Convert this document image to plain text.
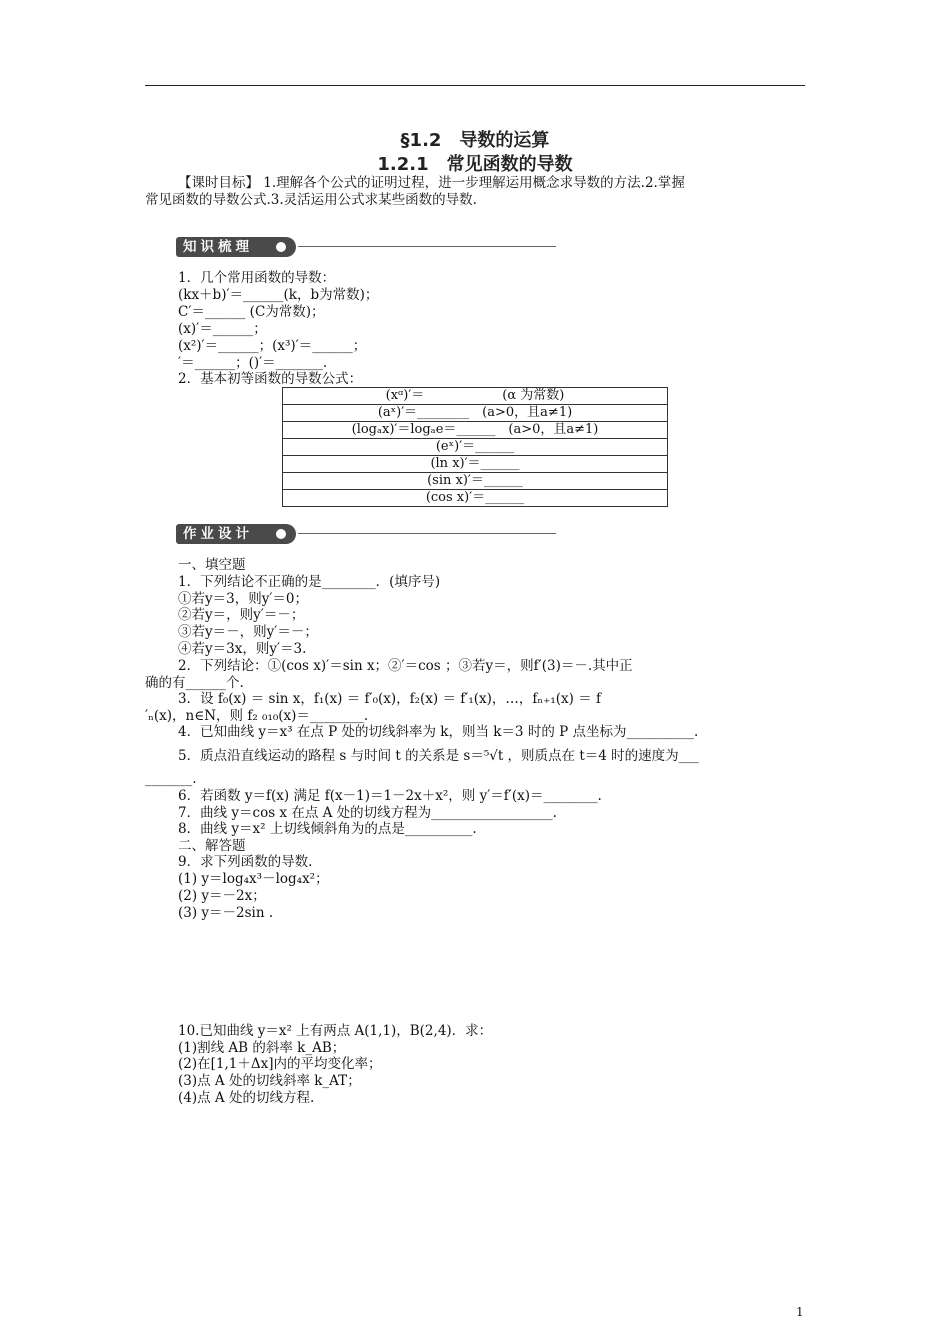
§1.2　导数的运算
1.2.1　常见函数的导数
【课时目标】 1.理解各个公式的证明过程，进一步理解运用概念求导数的方法.2.掌握
常见函数的导数公式.3.灵活运用公式求某些函数的导数.
知识梳理
1．几个常用函数的导数：
(kx＋b)′＝______(k，b为常数)；
C′＝______ (C为常数)；
(x)′＝______；
(x²)′＝______；(x³)′＝______；
′＝______；()′＝_______.
2．基本初等函数的导数公式：
(xᵅ)′＝　　　　　　(α 为常数)
(aˣ)′＝________　(a>0，且a≠1)
(logₐx)′＝logₐe＝______　(a>0，且a≠1)
(eˣ)′＝______
(ln x)′＝______
(sin x)′＝______
(cos x)′＝______
作业设计
一、填空题
1．下列结论不正确的是________．(填序号)
①若y＝3，则y′＝0；
②若y＝，则y′＝－；
③若y＝－，则y′＝－；
④若y＝3x，则y′＝3.
2．下列结论：①(cos x)′＝sin x；②′＝cos ；③若y＝，则f′(3)＝－.其中正
确的有______个.
3．设 f₀(x) ＝ sin x，f₁(x) ＝ f′₀(x)，f₂(x) ＝ f′₁(x)，…，fₙ₊₁(x) ＝ f
′ₙ(x)，n∈N，则 f₂ ₀₁₀(x)＝________.
4．已知曲线 y＝x³ 在点 P 处的切线斜率为 k，则当 k＝3 时的 P 点坐标为__________.
5．质点沿直线运动的路程 s 与时间 t 的关系是 s＝⁵√t ，则质点在 t＝4 时的速度为___
_______.
6．若函数 y＝f(x) 满足 f(x－1)＝1－2x＋x²，则 y′＝f′(x)＝________.
7．曲线 y＝cos x 在点 A 处的切线方程为__________________.
8．曲线 y＝x² 上切线倾斜角为的点是__________.
二、解答题
9．求下列函数的导数.
(1) y＝log₄x³－log₄x²；
(2) y＝－2x；
(3) y＝－2sin .
10.已知曲线 y＝x² 上有两点 A(1,1)，B(2,4)．求：
(1)割线 AB 的斜率 k_AB；
(2)在[1,1＋Δx]内的平均变化率；
(3)点 A 处的切线斜率 k_AT；
(4)点 A 处的切线方程.
1
